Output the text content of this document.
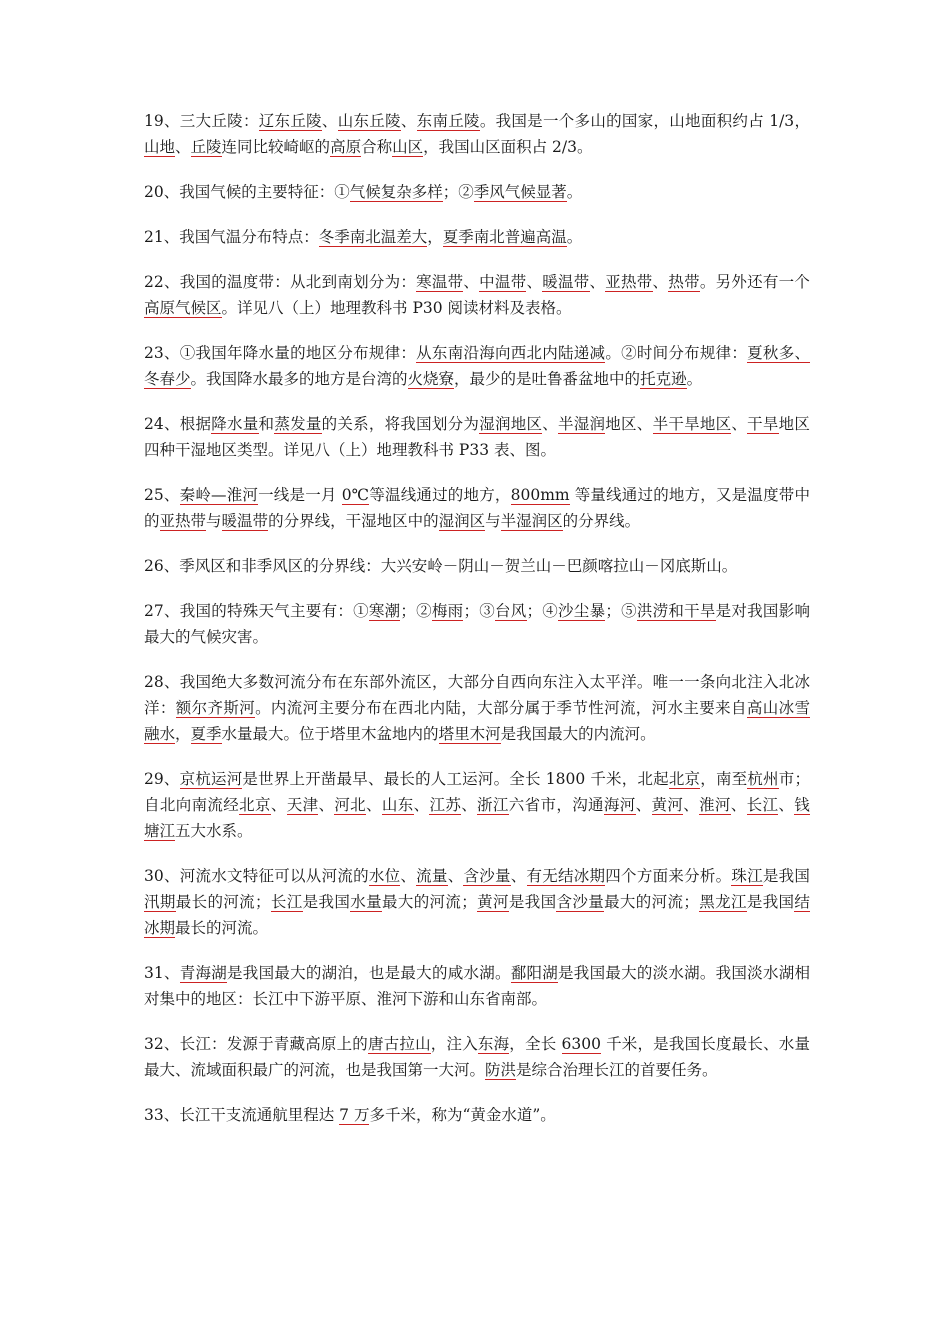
19、三大丘陵：辽东丘陵、山东丘陵、东南丘陵。我国是一个多山的国家，山地面积约占 1/3，山地、丘陵连同比较崎岖的高原合称山区，我国山区面积占 2/3。

20、我国气候的主要特征：①气候复杂多样；②季风气候显著。

21、我国气温分布特点：冬季南北温差大，夏季南北普遍高温。

22、我国的温度带：从北到南划分为：寒温带、中温带、暖温带、亚热带、热带。另外还有一个高原气候区。详见八（上）地理教科书 P30 阅读材料及表格。

23、①我国年降水量的地区分布规律：从东南沿海向西北内陆递减。②时间分布规律：夏秋多、冬春少。我国降水最多的地方是台湾的火烧寮，最少的是吐鲁番盆地中的托克逊。

24、根据降水量和蒸发量的关系，将我国划分为湿润地区、半湿润地区、半干旱地区、干旱地区四种干湿地区类型。详见八（上）地理教科书 P33 表、图。

25、秦岭—淮河一线是一月 0℃等温线通过的地方，800mm 等量线通过的地方，又是温度带中的亚热带与暖温带的分界线，干湿地区中的湿润区与半湿润区的分界线。

26、季风区和非季风区的分界线：大兴安岭－阴山－贺兰山－巴颜喀拉山－冈底斯山。

27、我国的特殊天气主要有：①寒潮；②梅雨；③台风；④沙尘暴；⑤洪涝和干旱是对我国影响最大的气候灾害。

28、我国绝大多数河流分布在东部外流区，大部分自西向东注入太平洋。唯一一条向北注入北冰洋：额尔齐斯河。内流河主要分布在西北内陆，大部分属于季节性河流，河水主要来自高山冰雪融水，夏季水量最大。位于塔里木盆地内的塔里木河是我国最大的内流河。

29、京杭运河是世界上开凿最早、最长的人工运河。全长 1800 千米，北起北京，南至杭州市；自北向南流经北京、天津、河北、山东、江苏、浙江六省市，沟通海河、黄河、淮河、长江、钱塘江五大水系。

30、河流水文特征可以从河流的水位、流量、含沙量、有无结冰期四个方面来分析。珠江是我国汛期最长的河流；长江是我国水量最大的河流；黄河是我国含沙量最大的河流；黑龙江是我国结冰期最长的河流。

31、青海湖是我国最大的湖泊，也是最大的咸水湖。鄱阳湖是我国最大的淡水湖。我国淡水湖相对集中的地区：长江中下游平原、淮河下游和山东省南部。

32、长江：发源于青藏高原上的唐古拉山，注入东海，全长 6300 千米，是我国长度最长、水量最大、流域面积最广的河流，也是我国第一大河。防洪是综合治理长江的首要任务。

33、长江干支流通航里程达 7 万多千米，称为“黄金水道”。
